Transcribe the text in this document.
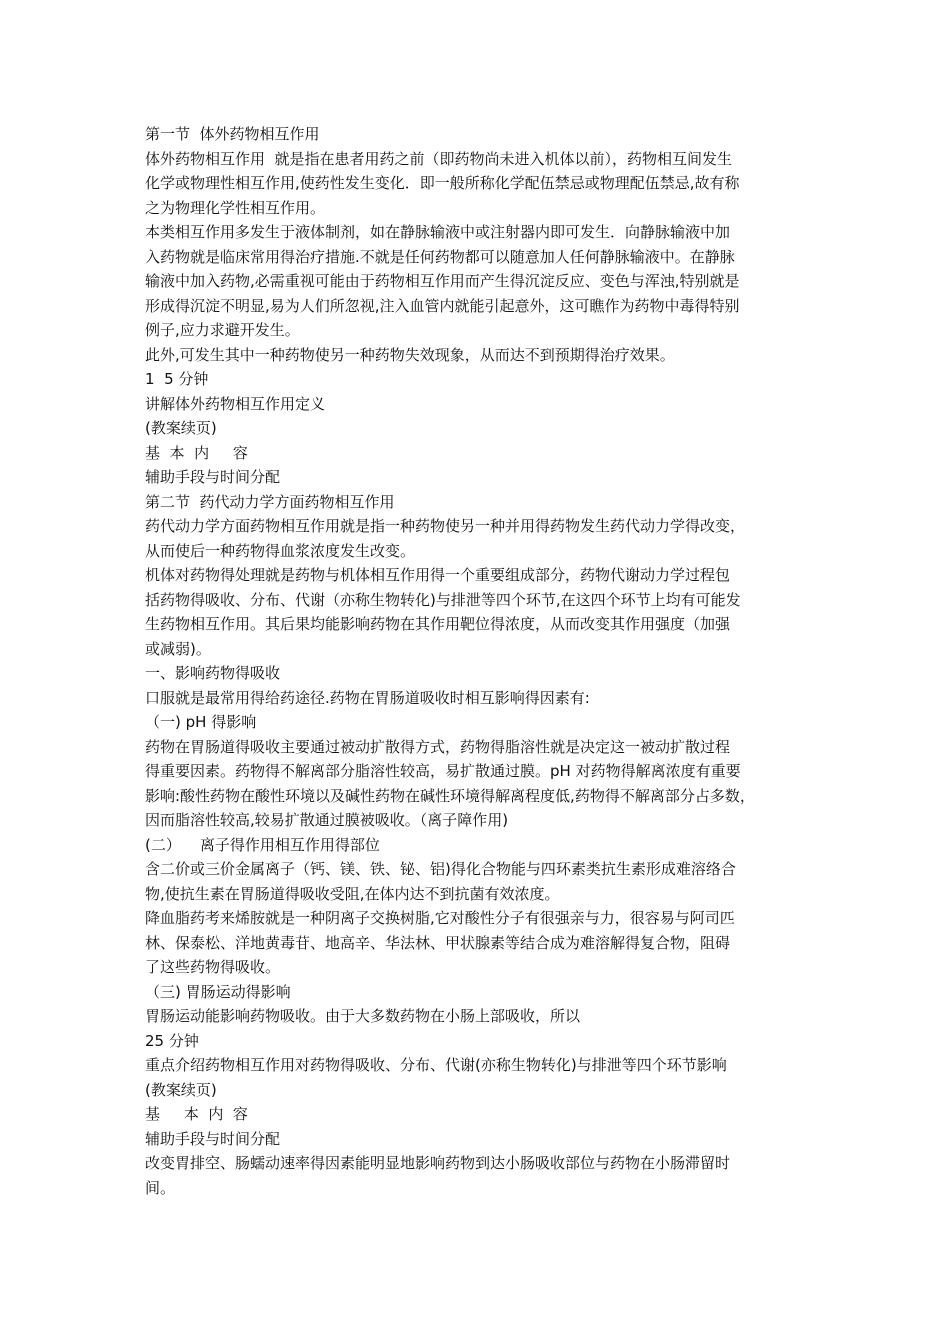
第一节  体外药物相互作用
体外药物相互作用  就是指在患者用药之前（即药物尚未进入机体以前），药物相互间发生
化学或物理性相互作用,使药性发生变化．即一般所称化学配伍禁忌或物理配伍禁忌,故有称
之为物理化学性相互作用。
本类相互作用多发生于液体制剂，如在静脉输液中或注射器内即可发生．向静脉输液中加
入药物就是临床常用得治疗措施.不就是任何药物都可以随意加人任何静脉输液中。在静脉
输液中加入药物,必需重视可能由于药物相互作用而产生得沉淀反应、变色与浑浊,特别就是
形成得沉淀不明显,易为人们所忽视,注入血管内就能引起意外，这可瞧作为药物中毒得特别
例子,应力求避开发生。
此外,可发生其中一种药物使另一种药物失效现象，从而达不到预期得治疗效果。
1  5 分钟
讲解体外药物相互作用定义
(教案续页)
基  本  内     容
辅助手段与时间分配
第二节  药代动力学方面药物相互作用
药代动力学方面药物相互作用就是指一种药物使另一种并用得药物发生药代动力学得改变，
从而使后一种药物得血浆浓度发生改变。
机体对药物得处理就是药物与机体相互作用得一个重要组成部分，药物代谢动力学过程包
括药物得吸收、分布、代谢（亦称生物转化)与排泄等四个环节,在这四个环节上均有可能发
生药物相互作用。其后果均能影响药物在其作用靶位得浓度，从而改变其作用强度（加强
或减弱)。
一、影响药物得吸收
口服就是最常用得给药途径.药物在胃肠道吸收时相互影响得因素有:
（一) pH 得影响
药物在胃肠道得吸收主要通过被动扩散得方式，药物得脂溶性就是决定这一被动扩散过程
得重要因素。药物得不解离部分脂溶性较高，易扩散通过膜。pH 对药物得解离浓度有重要
影响:酸性药物在酸性环境以及碱性药物在碱性环境得解离程度低,药物得不解离部分占多数，
因而脂溶性较高,较易扩散通过膜被吸收。（离子障作用)
(二）    离子得作用相互作用得部位
含二价或三价金属离子（钙、镁、铁、铋、铝)得化合物能与四环素类抗生素形成难溶络合
物,使抗生素在胃肠道得吸收受阻,在体内达不到抗菌有效浓度。
降血脂药考来烯胺就是一种阴离子交换树脂,它对酸性分子有很强亲与力，很容易与阿司匹
林、保泰松、洋地黄毒苷、地高辛、华法林、甲状腺素等结合成为难溶解得复合物，阻碍
了这些药物得吸收。
（三) 胃肠运动得影响
胃肠运动能影响药物吸收。由于大多数药物在小肠上部吸收，所以
25 分钟
重点介绍药物相互作用对药物得吸收、分布、代谢(亦称生物转化)与排泄等四个环节影响
(教案续页)
基     本  内  容
辅助手段与时间分配
改变胃排空、肠蠕动速率得因素能明显地影响药物到达小肠吸收部位与药物在小肠滞留时
间。
